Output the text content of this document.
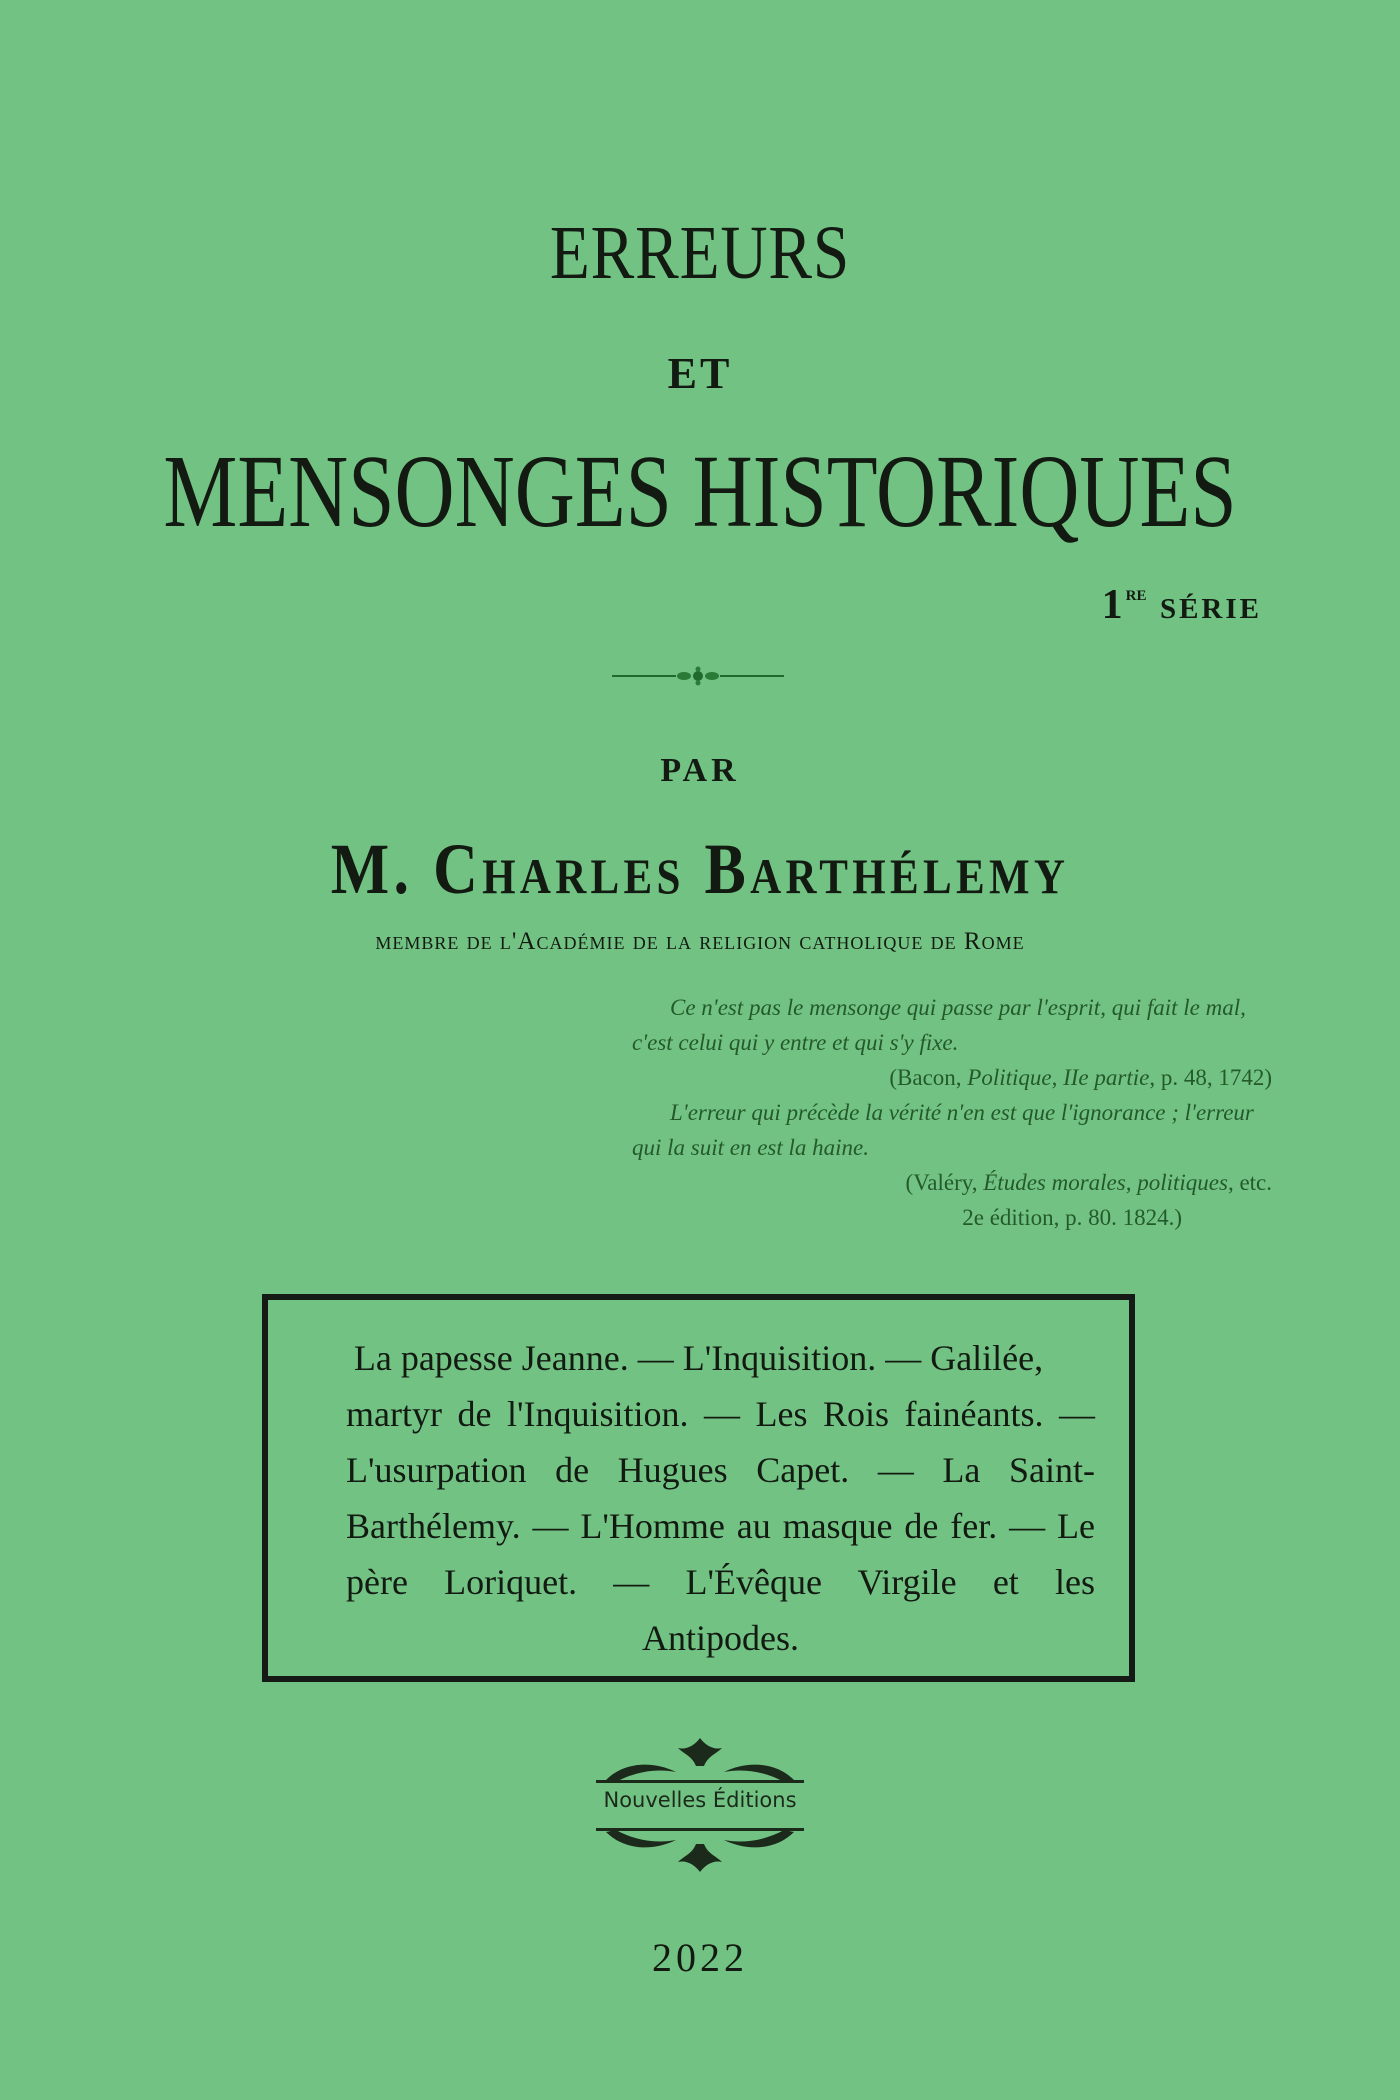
ERREURS
ET
MENSONGES HISTORIQUES
1re série
PAR
M. Charles Barthélemy
membre de l'Académie de la religion catholique de Rome

Ce n'est pas le mensonge qui passe par l'esprit, qui fait le mal, c'est celui qui y entre et qui s'y fixe.

(Bacon, Politique, IIe partie, p. 48, 1742)

L'erreur qui précède la vérité n'en est que l'ignorance ; l'erreur qui la suit en est la haine.

(Valéry, Études morales, politiques, etc.

2e édition, p. 80. 1824.)

La papesse Jeanne. — L'Inquisition. — Galilée,
martyr de l'Inquisition. — Les Rois fainéants. — L'usurpation de Hugues Capet. — La Saint-Barthélemy. — L'Homme au masque de fer. — Le père Loriquet. — L'Évêque Virgile et les Antipodes.
Nouvelles Éditions
2022
